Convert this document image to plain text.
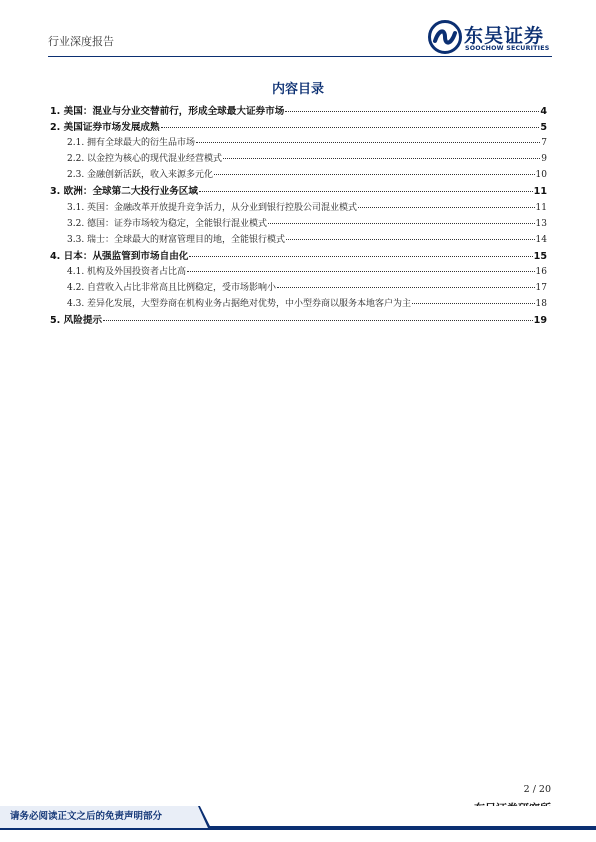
行业深度报告	东吴证券
SOOCHOW SECURITIES
内容目录
1. 美国：混业与分业交替前行，形成全球最大证券市场	4
2. 美国证券市场发展成熟	5
2.1. 拥有全球最大的衍生品市场	7
2.2. 以金控为核心的现代混业经营模式	9
2.3. 金融创新活跃，收入来源多元化	10
3. 欧洲：全球第二大投行业务区域	11
3.1. 英国：金融改革开放提升竞争活力，从分业到银行控股公司混业模式	11
3.2. 德国：证券市场较为稳定，全能银行混业模式	13
3.3. 瑞士：全球最大的财富管理目的地，全能银行模式	14
4. 日本：从强监管到市场自由化	15
4.1. 机构及外国投资者占比高	16
4.2. 自营收入占比非常高且比例稳定，受市场影响小	17
4.3. 差异化发展，大型券商在机构业务占据绝对优势，中小型券商以服务本地客户为主	18
5. 风险提示	19
2 / 20
请务必阅读正文之后的免责声明部分
